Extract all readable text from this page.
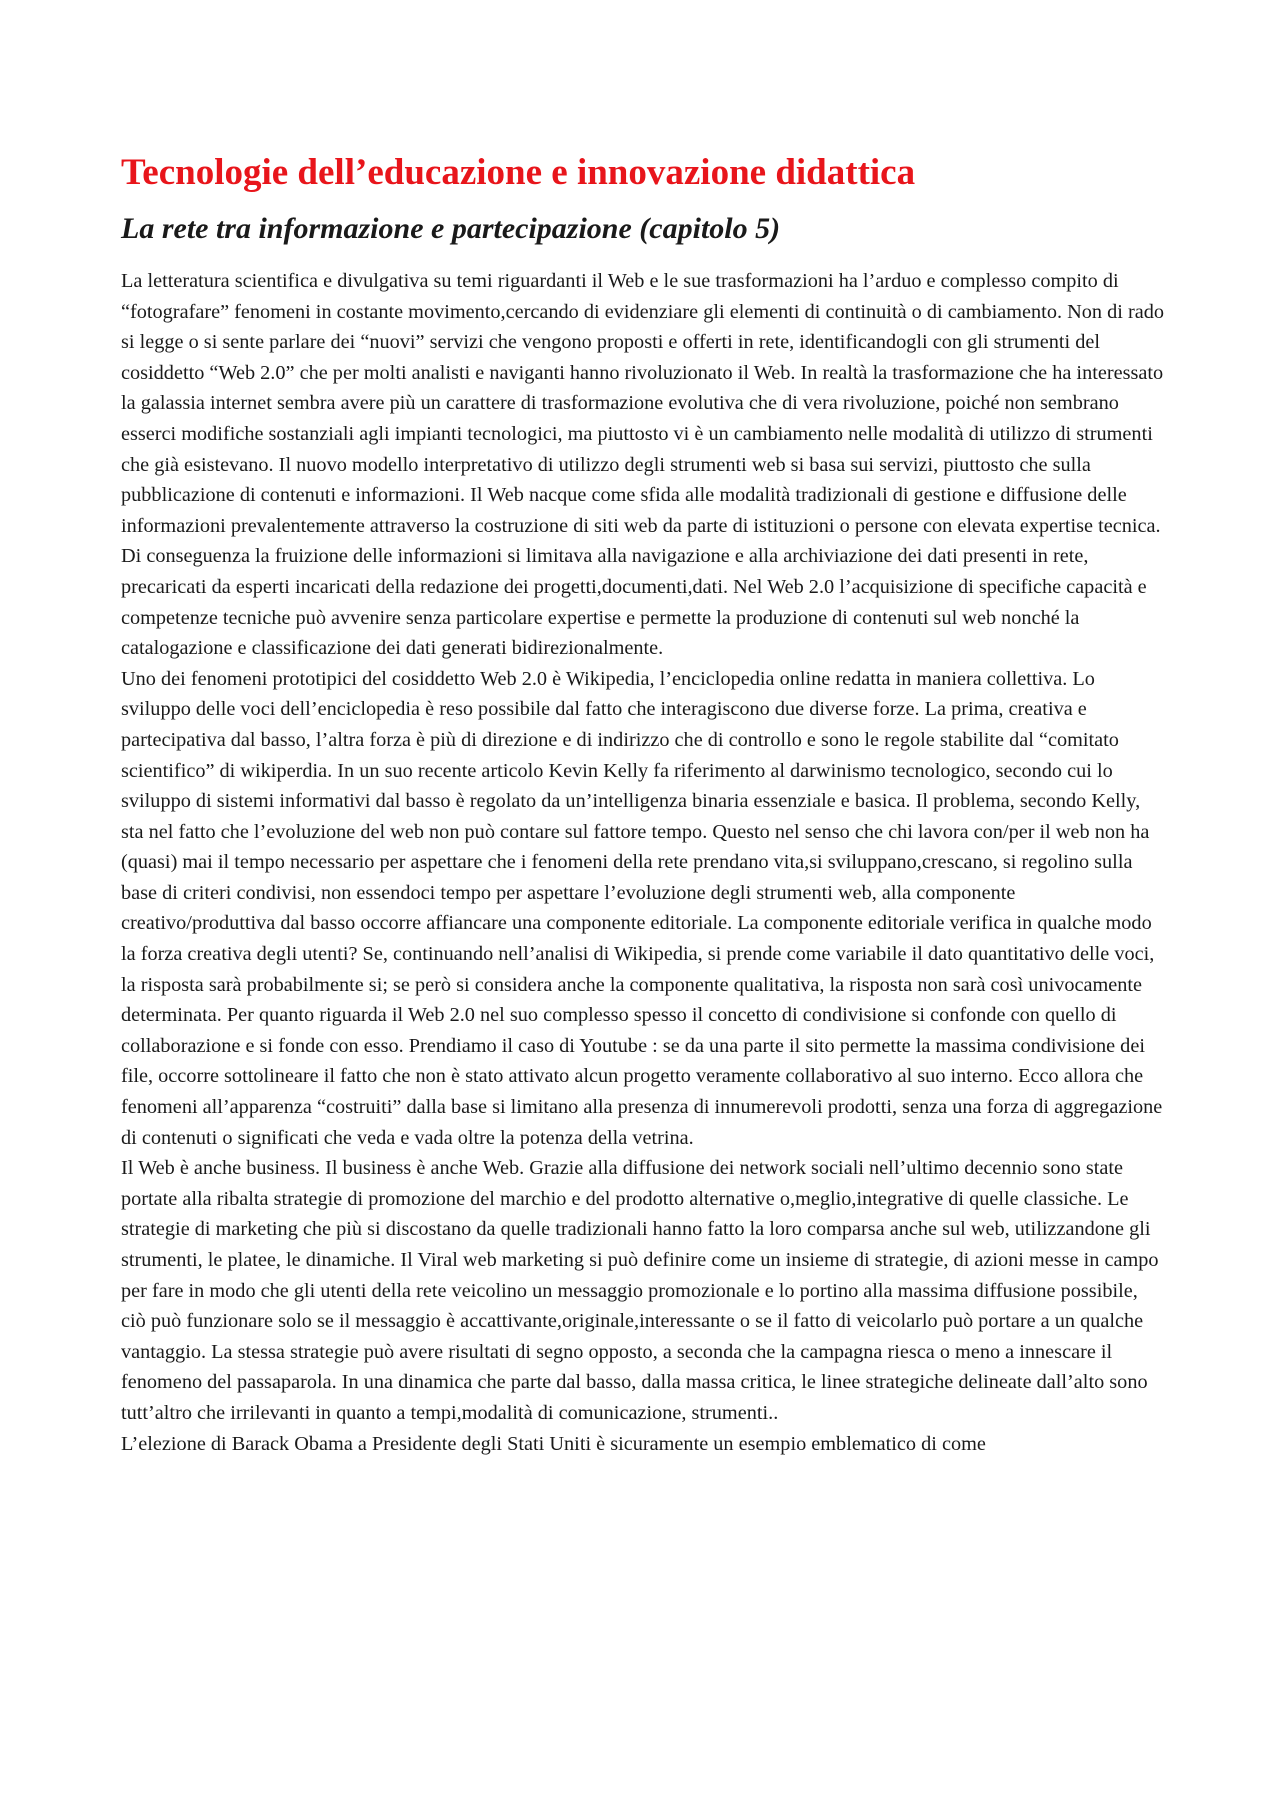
Tecnologie dell’educazione e innovazione didattica
La rete tra informazione e partecipazione (capitolo 5)

La letteratura scientifica e divulgativa su temi riguardanti il Web e le sue trasformazioni ha l’arduo e complesso compito di “fotografare” fenomeni in costante movimento,cercando di evidenziare gli elementi di continuità o di cambiamento. Non di rado si legge o si sente parlare dei “nuovi” servizi che vengono proposti e offerti in rete, identificandogli con gli strumenti del cosiddetto “Web 2.0” che per molti analisti e naviganti hanno rivoluzionato il Web. In realtà la trasformazione che ha interessato la galassia internet sembra avere più un carattere di trasformazione evolutiva che di vera rivoluzione, poiché non sembrano esserci modifiche sostanziali agli impianti tecnologici, ma piuttosto vi è un cambiamento nelle modalità di utilizzo di strumenti che già esistevano. Il nuovo modello interpretativo di utilizzo degli strumenti web si basa sui servizi, piuttosto che sulla pubblicazione di contenuti e informazioni. Il Web nacque come sfida alle modalità tradizionali di gestione e diffusione delle informazioni prevalentemente attraverso la costruzione di siti web da parte di istituzioni o persone con elevata expertise tecnica. Di conseguenza la fruizione delle informazioni si limitava alla navigazione e alla archiviazione dei dati presenti in rete, precaricati da esperti incaricati della redazione dei progetti,documenti,dati. Nel Web 2.0 l’acquisizione di specifiche capacità e competenze tecniche può avvenire senza particolare expertise e permette la produzione di contenuti sul web nonché la catalogazione e classificazione dei dati generati bidirezionalmente.

Uno dei fenomeni prototipici del cosiddetto Web 2.0 è Wikipedia, l’enciclopedia online redatta in maniera collettiva. Lo sviluppo delle voci dell’enciclopedia è reso possibile dal fatto che interagiscono due diverse forze. La prima, creativa e partecipativa dal basso, l’altra forza è più di direzione e di indirizzo che di controllo e sono le regole stabilite dal “comitato scientifico” di wikiperdia. In un suo recente articolo Kevin Kelly fa riferimento al darwinismo tecnologico, secondo cui lo sviluppo di sistemi informativi dal basso è regolato da un’intelligenza binaria essenziale e basica. Il problema, secondo Kelly, sta nel fatto che l’evoluzione del web non può contare sul fattore tempo. Questo nel senso che chi lavora con/per il web non ha (quasi) mai il tempo necessario per aspettare che i fenomeni della rete prendano vita,si sviluppano,crescano, si regolino sulla base di criteri condivisi, non essendoci tempo per aspettare l’evoluzione degli strumenti web, alla componente creativo/produttiva dal basso occorre affiancare una componente editoriale. La componente editoriale verifica in qualche modo la forza creativa degli utenti? Se, continuando nell’analisi di Wikipedia, si prende come variabile il dato quantitativo delle voci, la risposta sarà probabilmente si; se però si considera anche la componente qualitativa, la risposta non sarà così univocamente determinata. Per quanto riguarda il Web 2.0 nel suo complesso spesso il concetto di condivisione si confonde con quello di collaborazione e si fonde con esso. Prendiamo il caso di Youtube : se da una parte il sito permette la massima condivisione dei file, occorre sottolineare il fatto che non è stato attivato alcun progetto veramente collaborativo al suo interno. Ecco allora che fenomeni all’apparenza “costruiti” dalla base si limitano alla presenza di innumerevoli prodotti, senza una forza di aggregazione di contenuti o significati che veda e vada oltre la potenza della vetrina.

Il Web è anche business. Il business è anche Web. Grazie alla diffusione dei network sociali nell’ultimo decennio sono state portate alla ribalta strategie di promozione del marchio e del prodotto alternative o,meglio,integrative di quelle classiche. Le strategie di marketing che più si discostano da quelle tradizionali hanno fatto la loro comparsa anche sul web, utilizzandone gli strumenti, le platee, le dinamiche. Il Viral web marketing si può definire come un insieme di strategie, di azioni messe in campo per fare in modo che gli utenti della rete veicolino un messaggio promozionale e lo portino alla massima diffusione possibile, ciò può funzionare solo se il messaggio è accattivante,originale,interessante o se il fatto di veicolarlo può portare a un qualche vantaggio. La stessa strategie può avere risultati di segno opposto, a seconda che la campagna riesca o meno a innescare il fenomeno del passaparola. In una dinamica che parte dal basso, dalla massa critica, le linee strategiche delineate dall’alto sono tutt’altro che irrilevanti in quanto a tempi,modalità di comunicazione, strumenti..

L’elezione di Barack Obama a Presidente degli Stati Uniti è sicuramente un esempio emblematico di come
